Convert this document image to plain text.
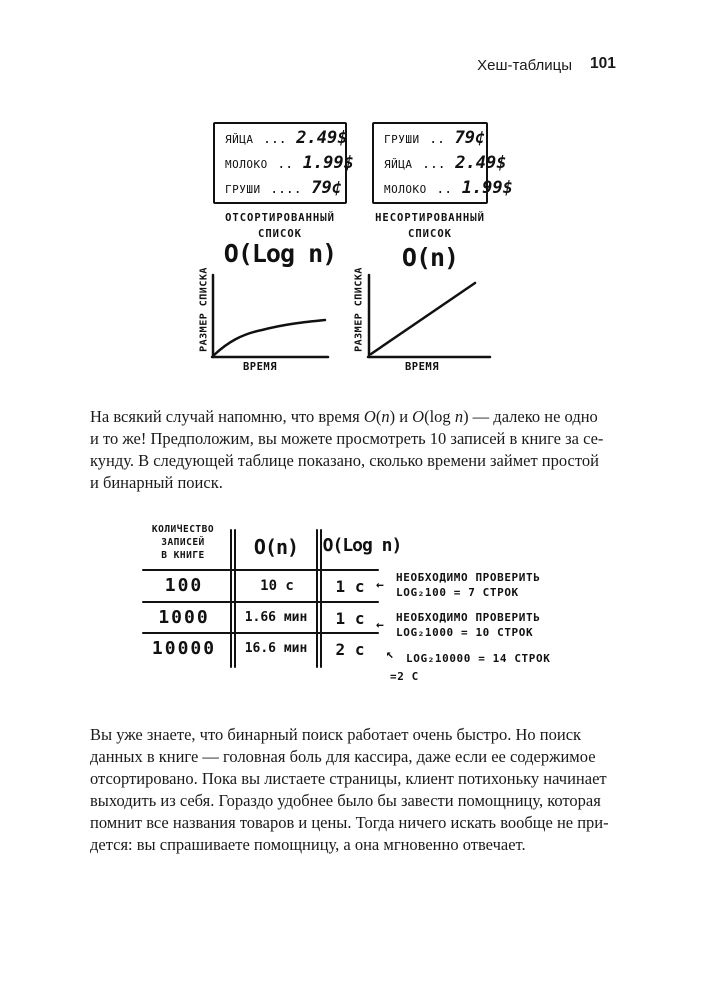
Хеш-таблицы 101
ЯЙЦА ... 2.49$
МОЛОКО .. 1.99$
ГРУШИ .... 79¢
ГРУШИ .. 79¢
ЯЙЦА ... 2.49$
МОЛОКО .. 1.99$
ОТСОРТИРОВАННЫЙ
СПИСОК
НЕСОРТИРОВАННЫЙ
СПИСОК
O(Log n)	O(n)
РАЗМЕР СПИСКА
ВРЕМЯ
РАЗМЕР СПИСКА
ВРЕМЯ
На всякий случай напомню, что время O(n) и O(log n) — далеко не одно
и то же! Предположим, вы можете просмотреть 10 записей в книге за се-
кунду. В следующей таблице показано, сколько времени займет простой
и бинарный поиск.
КОЛИЧЕСТВО
ЗАПИСЕЙ
В КНИГЕ	O(n)	O(Log n)
100	10 с	1 с
1000	1.66 мин	1 с
10000	16.6 мин	2 с
←
НЕОБХОДИМО ПРОВЕРИТЬ
LOG₂100 = 7 СТРОК
←
НЕОБХОДИМО ПРОВЕРИТЬ
LOG₂1000 = 10 СТРОК
↖ LOG₂10000 = 14 СТРОК
=2 С
Вы уже знаете, что бинарный поиск работает очень быстро. Но поиск
данных в книге — головная боль для кассира, даже если ее содержимое
отсортировано. Пока вы листаете страницы, клиент потихоньку начинает
выходить из себя. Гораздо удобнее было бы завести помощницу, которая
помнит все названия товаров и цены. Тогда ничего искать вообще не при-
дется: вы спрашиваете помощницу, а она мгновенно отвечает.
